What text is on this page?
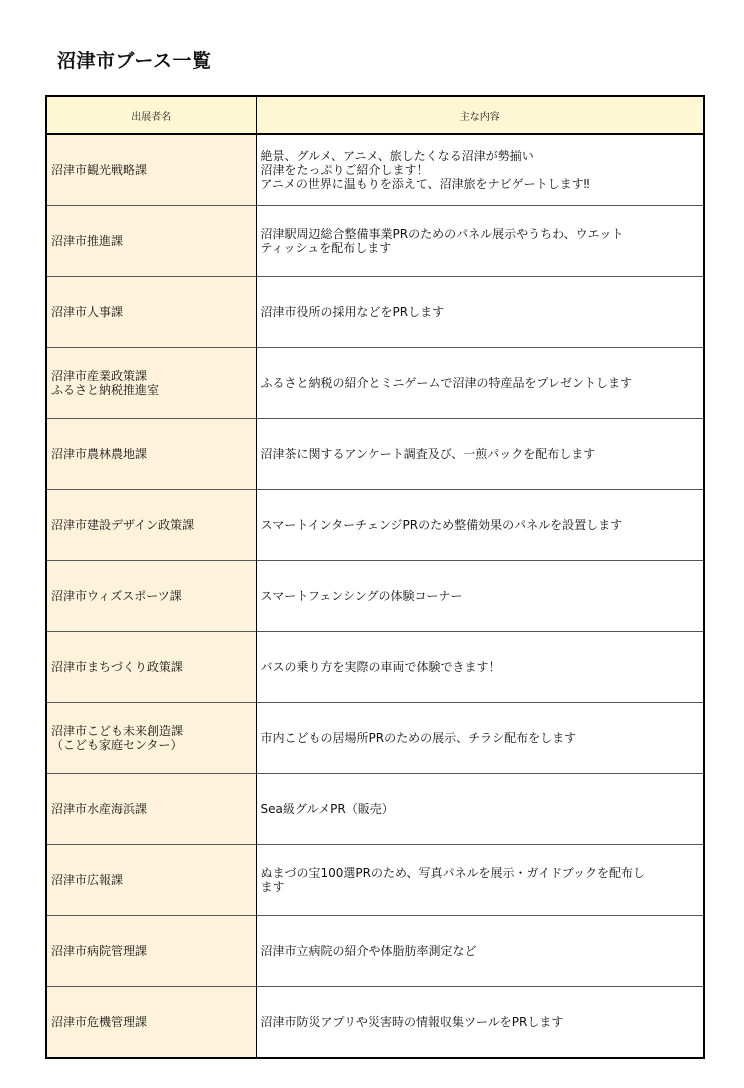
沼津市ブース一覧
出展者名	主な内容
沼津市観光戦略課	絶景、グルメ、アニメ、旅したくなる沼津が勢揃い
沼津をたっぷりご紹介します！
アニメの世界に温もりを添えて、沼津旅をナビゲートします‼
沼津市推進課	沼津駅周辺総合整備事業PRのためのパネル展示やうちわ、ウエット
ティッシュを配布します
沼津市人事課	沼津市役所の採用などをPRします
沼津市産業政策課
ふるさと納税推進室	ふるさと納税の紹介とミニゲームで沼津の特産品をプレゼントします
沼津市農林農地課	沼津茶に関するアンケート調査及び、一煎パックを配布します
沼津市建設デザイン政策課	スマートインターチェンジPRのため整備効果のパネルを設置します
沼津市ウィズスポーツ課	スマートフェンシングの体験コーナー
沼津市まちづくり政策課	バスの乗り方を実際の車両で体験できます！
沼津市こども未来創造課
（こども家庭センター）	市内こどもの居場所PRのための展示、チラシ配布をします
沼津市水産海浜課	Sea級グルメPR（販売）
沼津市広報課	ぬまづの宝100選PRのため、写真パネルを展示・ガイドブックを配布し
ます
沼津市病院管理課	沼津市立病院の紹介や体脂肪率測定など
沼津市危機管理課	沼津市防災アプリや災害時の情報収集ツールをPRします
